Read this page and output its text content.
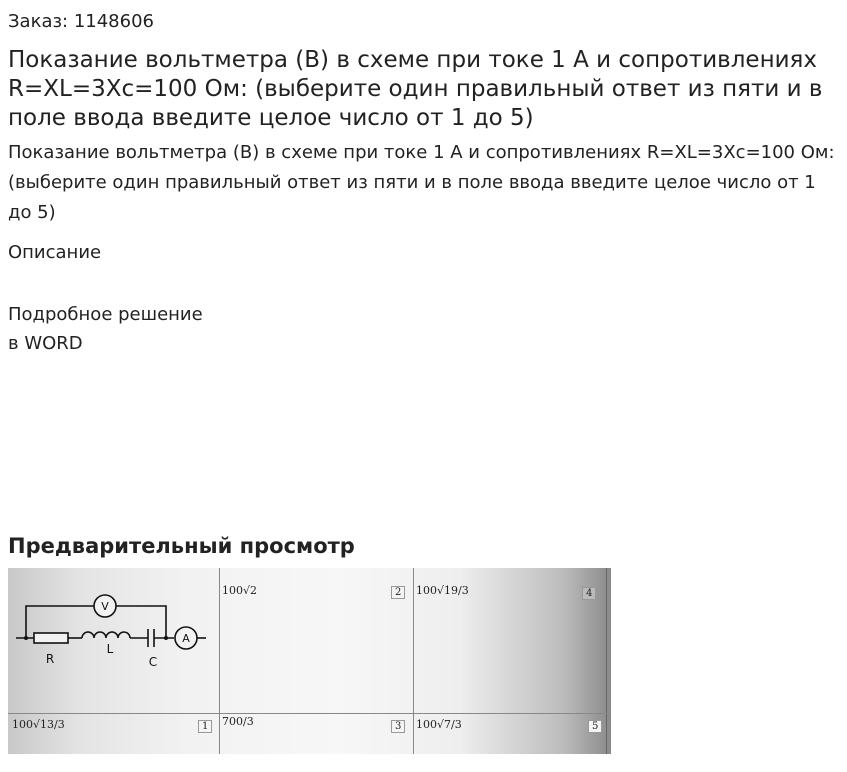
Заказ: 1148606
Показание вольтметра (В) в схеме при токе 1 А и сопротивлениях R=XL=3Xc=100 Ом: (выберите один правильный ответ из пяти и в поле ввода введите целое число от 1 до 5)
Показание вольтметра (В) в схеме при токе 1 А и сопротивлениях R=XL=3Xc=100 Ом: (выберите один правильный ответ из пяти и в поле ввода введите целое число от 1 до 5)
Описание
Подробное решение
в WORD
Предварительный просмотр
V
A
R
L
C
100√2	2	100√19/3	4
100√13/3	1	700/3	3	100√7/3	5
